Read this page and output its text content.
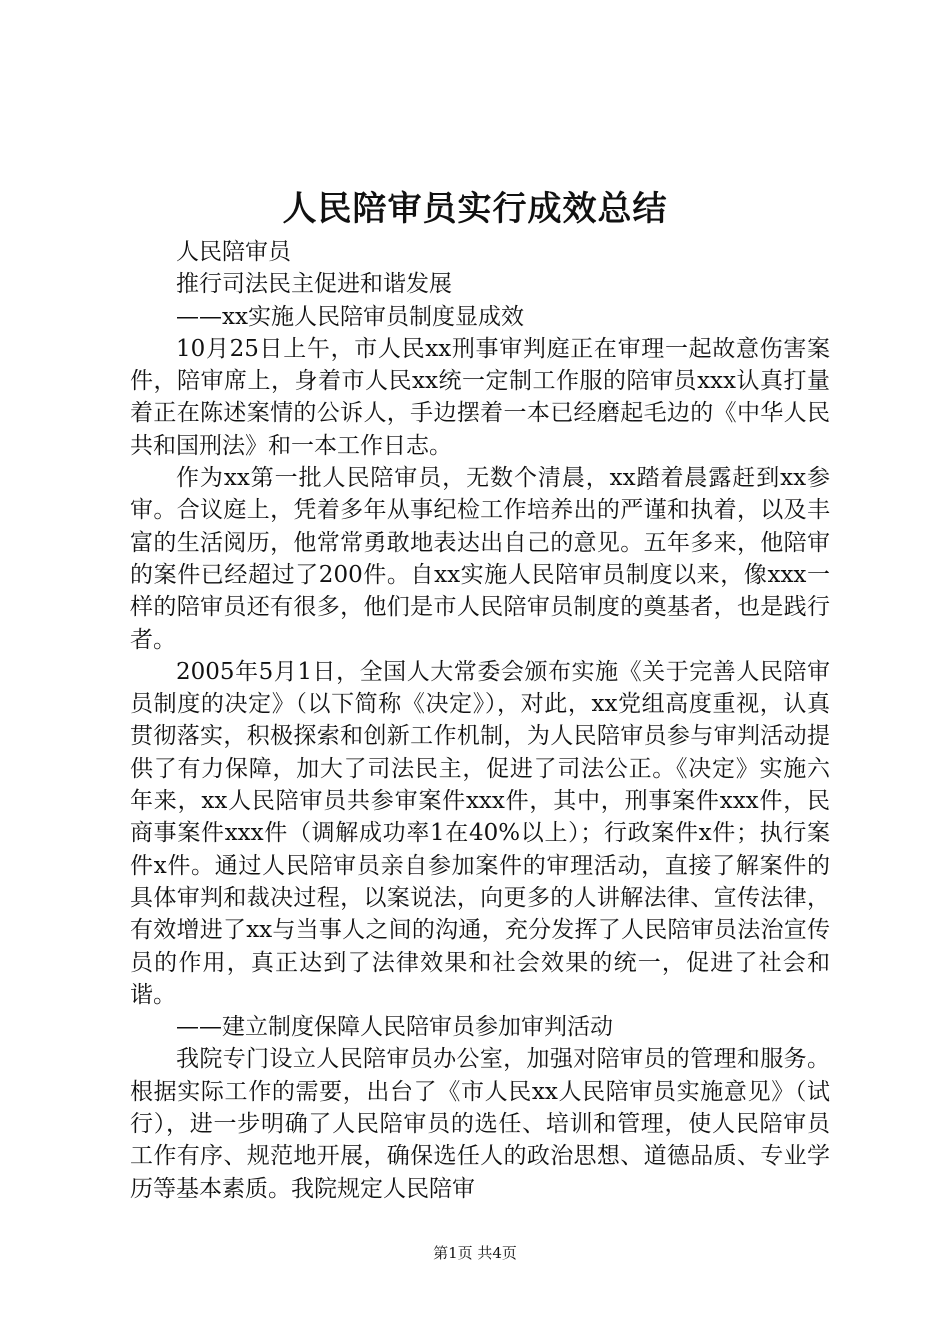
人民陪审员实行成效总结

人民陪审员

推行司法民主促进和谐发展

——xx实施人民陪审员制度显成效

10月25日上午，市人民xx刑事审判庭正在审理一起故意伤害案件，陪审席上，身着市人民xx统一定制工作服的陪审员xxx认真打量着正在陈述案情的公诉人，手边摆着一本已经磨起毛边的《中华人民共和国刑法》和一本工作日志。

作为xx第一批人民陪审员，无数个清晨，xx踏着晨露赶到xx参审。合议庭上，凭着多年从事纪检工作培养出的严谨和执着，以及丰富的生活阅历，他常常勇敢地表达出自己的意见。五年多来，他陪审的案件已经超过了200件。自xx实施人民陪审员制度以来，像xxx一样的陪审员还有很多，他们是市人民陪审员制度的奠基者，也是践行者。

2005年5月1日，全国人大常委会颁布实施《关于完善人民陪审员制度的决定》（以下简称《决定》），对此，xx党组高度重视，认真贯彻落实，积极探索和创新工作机制，为人民陪审员参与审判活动提供了有力保障，加大了司法民主，促进了司法公正。《决定》实施六年来，xx人民陪审员共参审案件xxx件，其中，刑事案件xxx件，民商事案件xxx件（调解成功率1在40%以上）；行政案件x件；执行案件x件。通过人民陪审员亲自参加案件的审理活动，直接了解案件的具体审判和裁决过程，以案说法，向更多的人讲解法律、宣传法律，有效增进了xx与当事人之间的沟通，充分发挥了人民陪审员法治宣传员的作用，真正达到了法律效果和社会效果的统一，促进了社会和谐。

——建立制度保障人民陪审员参加审判活动

我院专门设立人民陪审员办公室，加强对陪审员的管理和服务。根据实际工作的需要，出台了《市人民xx人民陪审员实施意见》（试行），进一步明确了人民陪审员的选任、培训和管理，使人民陪审员工作有序、规范地开展，确保选任人的政治思想、道德品质、专业学历等基本素质。我院规定人民陪审

第1页 共4页
